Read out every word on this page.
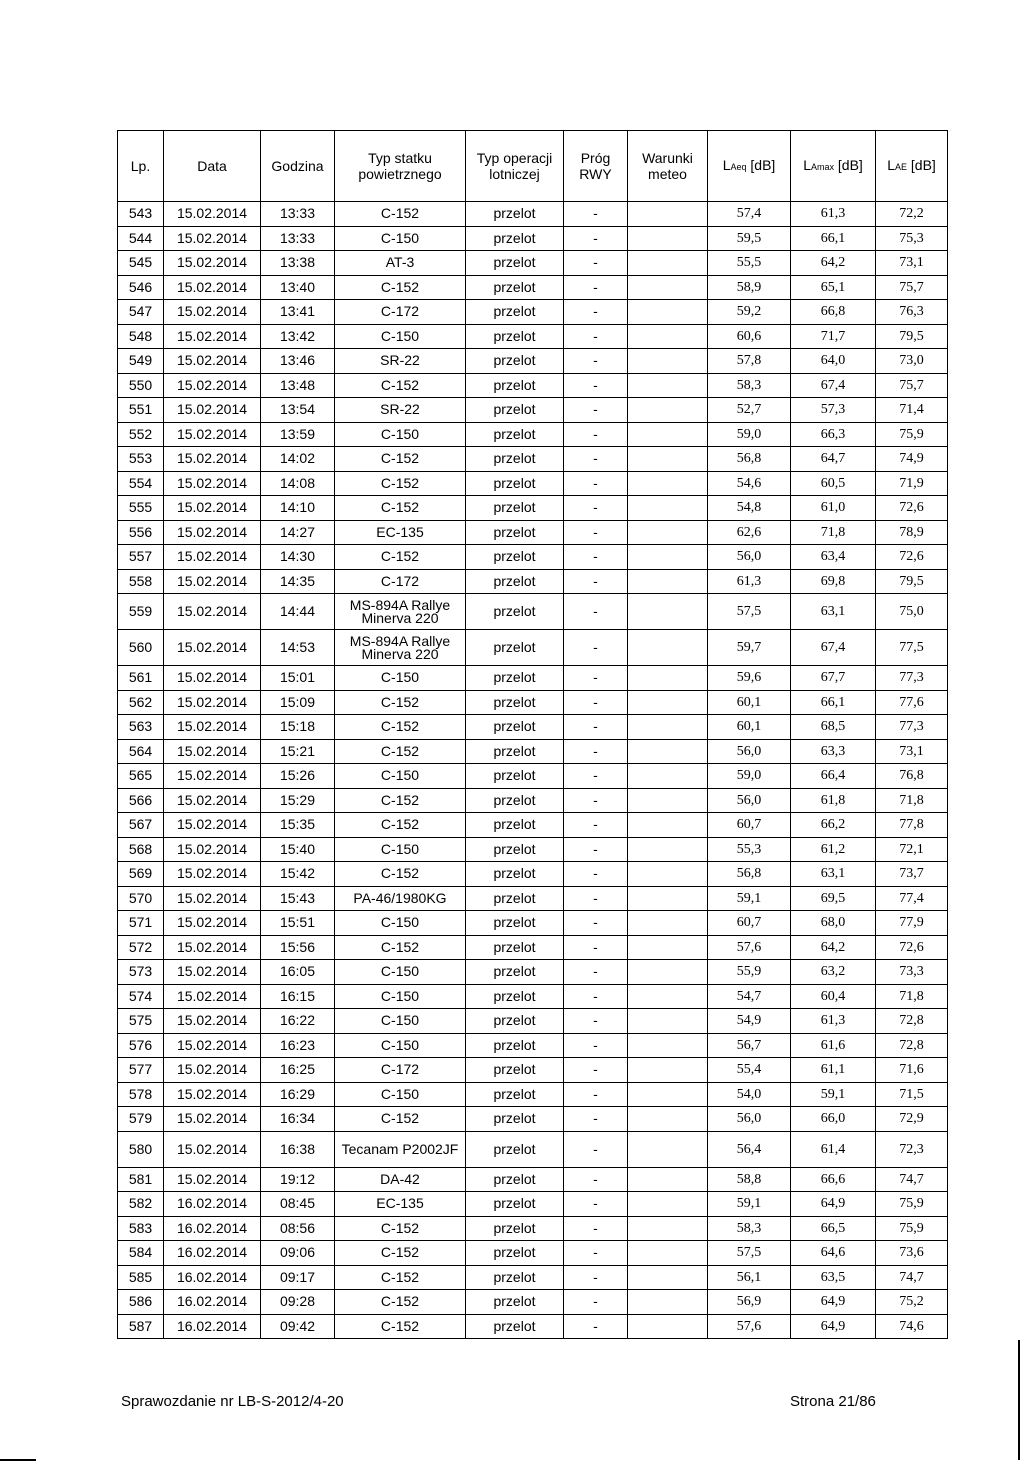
Lp.	Data	Godzina	Typ statku powietrznego	Typ operacji lotniczej	Próg RWY	Warunki meteo	LAeq [dB]	LAmax [dB]	LAE [dB]
543	15.02.2014	13:33	C-152	przelot	-		57,4	61,3	72,2
544	15.02.2014	13:33	C-150	przelot	-		59,5	66,1	75,3
545	15.02.2014	13:38	AT-3	przelot	-		55,5	64,2	73,1
546	15.02.2014	13:40	C-152	przelot	-		58,9	65,1	75,7
547	15.02.2014	13:41	C-172	przelot	-		59,2	66,8	76,3
548	15.02.2014	13:42	C-150	przelot	-		60,6	71,7	79,5
549	15.02.2014	13:46	SR-22	przelot	-		57,8	64,0	73,0
550	15.02.2014	13:48	C-152	przelot	-		58,3	67,4	75,7
551	15.02.2014	13:54	SR-22	przelot	-		52,7	57,3	71,4
552	15.02.2014	13:59	C-150	przelot	-		59,0	66,3	75,9
553	15.02.2014	14:02	C-152	przelot	-		56,8	64,7	74,9
554	15.02.2014	14:08	C-152	przelot	-		54,6	60,5	71,9
555	15.02.2014	14:10	C-152	przelot	-		54,8	61,0	72,6
556	15.02.2014	14:27	EC-135	przelot	-		62,6	71,8	78,9
557	15.02.2014	14:30	C-152	przelot	-		56,0	63,4	72,6
558	15.02.2014	14:35	C-172	przelot	-		61,3	69,8	79,5
559	15.02.2014	14:44	MS-894A Rallye Minerva 220	przelot	-		57,5	63,1	75,0
560	15.02.2014	14:53	MS-894A Rallye Minerva 220	przelot	-		59,7	67,4	77,5
561	15.02.2014	15:01	C-150	przelot	-		59,6	67,7	77,3
562	15.02.2014	15:09	C-152	przelot	-		60,1	66,1	77,6
563	15.02.2014	15:18	C-152	przelot	-		60,1	68,5	77,3
564	15.02.2014	15:21	C-152	przelot	-		56,0	63,3	73,1
565	15.02.2014	15:26	C-150	przelot	-		59,0	66,4	76,8
566	15.02.2014	15:29	C-152	przelot	-		56,0	61,8	71,8
567	15.02.2014	15:35	C-152	przelot	-		60,7	66,2	77,8
568	15.02.2014	15:40	C-150	przelot	-		55,3	61,2	72,1
569	15.02.2014	15:42	C-152	przelot	-		56,8	63,1	73,7
570	15.02.2014	15:43	PA-46/1980KG	przelot	-		59,1	69,5	77,4
571	15.02.2014	15:51	C-150	przelot	-		60,7	68,0	77,9
572	15.02.2014	15:56	C-152	przelot	-		57,6	64,2	72,6
573	15.02.2014	16:05	C-150	przelot	-		55,9	63,2	73,3
574	15.02.2014	16:15	C-150	przelot	-		54,7	60,4	71,8
575	15.02.2014	16:22	C-150	przelot	-		54,9	61,3	72,8
576	15.02.2014	16:23	C-150	przelot	-		56,7	61,6	72,8
577	15.02.2014	16:25	C-172	przelot	-		55,4	61,1	71,6
578	15.02.2014	16:29	C-150	przelot	-		54,0	59,1	71,5
579	15.02.2014	16:34	C-152	przelot	-		56,0	66,0	72,9
580	15.02.2014	16:38	Tecanam P2002JF	przelot	-		56,4	61,4	72,3
581	15.02.2014	19:12	DA-42	przelot	-		58,8	66,6	74,7
582	16.02.2014	08:45	EC-135	przelot	-		59,1	64,9	75,9
583	16.02.2014	08:56	C-152	przelot	-		58,3	66,5	75,9
584	16.02.2014	09:06	C-152	przelot	-		57,5	64,6	73,6
585	16.02.2014	09:17	C-152	przelot	-		56,1	63,5	74,7
586	16.02.2014	09:28	C-152	przelot	-		56,9	64,9	75,2
587	16.02.2014	09:42	C-152	przelot	-		57,6	64,9	74,6
Sprawozdanie nr LB-S-2012/4-20	Strona 21/86
